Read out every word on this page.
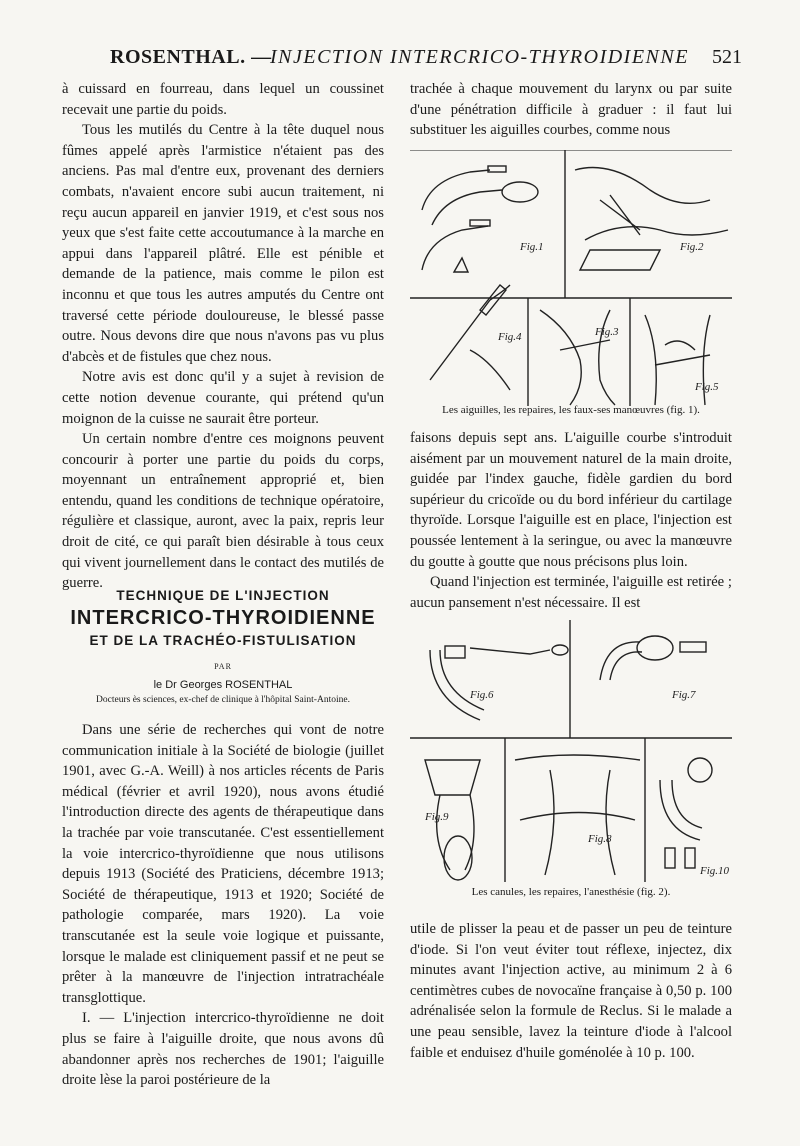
ROSENTHAL. —
INJECTION INTERCRICO-THYROIDIENNE 521

à cuissard en fourreau, dans lequel un coussinet recevait une partie du poids.

Tous les mutilés du Centre à la tête duquel nous fûmes appelé après l'armistice n'étaient pas des anciens. Pas mal d'entre eux, provenant des derniers combats, n'avaient encore subi aucun traitement, ni reçu aucun appareil en janvier 1919, et c'est sous nos yeux que s'est faite cette accoutumance à la marche en appui dans l'appareil plâtré. Elle est pénible et demande de la patience, mais comme le pilon est inconnu et que tous les autres amputés du Centre ont traversé cette période douloureuse, le blessé passe outre. Nous devons dire que nous n'avons pas vu plus d'abcès et de fistules que chez nous.

Notre avis est donc qu'il y a sujet à revision de cette notion devenue courante, qui prétend qu'un moignon de la cuisse ne saurait être porteur.

Un certain nombre d'entre ces moignons peuvent concourir à porter une partie du poids du corps, moyennant un entraînement approprié et, bien entendu, quand les conditions de technique opératoire, régulière et classique, auront, avec la paix, repris leur droit de cité, ce qui paraît bien désirable à tous ceux qui vivent journellement dans le contact des mutilés de guerre.

TECHNIQUE DE L'INJECTION
INTERCRICO-THYROIDIENNE
ET DE LA TRACHÉO-FISTULISATION
PAR
le Dr Georges ROSENTHAL
Docteurs ès sciences, ex-chef de clinique à l'hôpital Saint-Antoine.

Dans une série de recherches qui vont de notre communication initiale à la Société de biologie (juillet 1901, avec G.-A. Weill) à nos articles récents de Paris médical (février et avril 1920), nous avons étudié l'introduction directe des agents de thérapeutique dans la trachée par voie transcutanée. C'est essentiellement la voie intercrico-thyroïdienne que nous utilisons depuis 1913 (Société des Praticiens, décembre 1913; Société de thérapeutique, 1913 et 1920; Société de pathologie comparée, mars 1920). La voie transcutanée est la seule voie logique et puissante, lorsque le malade est cliniquement passif et ne peut se prêter à la manœuvre de l'injection intratrachéale transglottique.

I. — L'injection intercrico-thyroïdienne ne doit plus se faire à l'aiguille droite, que nous avons dû abandonner après nos recherches de 1901; l'aiguille droite lèse la paroi postérieure de la

trachée à chaque mouvement du larynx ou par suite d'une pénétration difficile à graduer : il faut lui substituer les aiguilles courbes, comme nous

Fig.1	Fig.2
Fig.4	Fig.3
Fig.5
Les aiguilles, les repaires, les faux-ses manœuvres (fig. 1).

faisons depuis sept ans. L'aiguille courbe s'introduit aisément par un mouvement naturel de la main droite, guidée par l'index gauche, fidèle gardien du bord supérieur du cricoïde ou du bord inférieur du cartilage thyroïde. Lorsque l'aiguille est en place, l'injection est poussée lentement à la seringue, ou avec la manœuvre du goutte à goutte que nous précisons plus loin.

Quand l'injection est terminée, l'aiguille est retirée ; aucun pansement n'est nécessaire. Il est

Fig.6	Fig.7
Fig.9
Fig.8
Fig.10
Les canules, les repaires, l'anesthésie (fig. 2).

utile de plisser la peau et de passer un peu de teinture d'iode. Si l'on veut éviter tout réflexe, injectez, dix minutes avant l'injection active, au minimum 2 à 6 centimètres cubes de novocaïne française à 0,50 p. 100 adrénalisée selon la formule de Reclus. Si le malade a une peau sensible, lavez la teinture d'iode à l'alcool faible et enduisez d'huile goménolée à 10 p. 100.
